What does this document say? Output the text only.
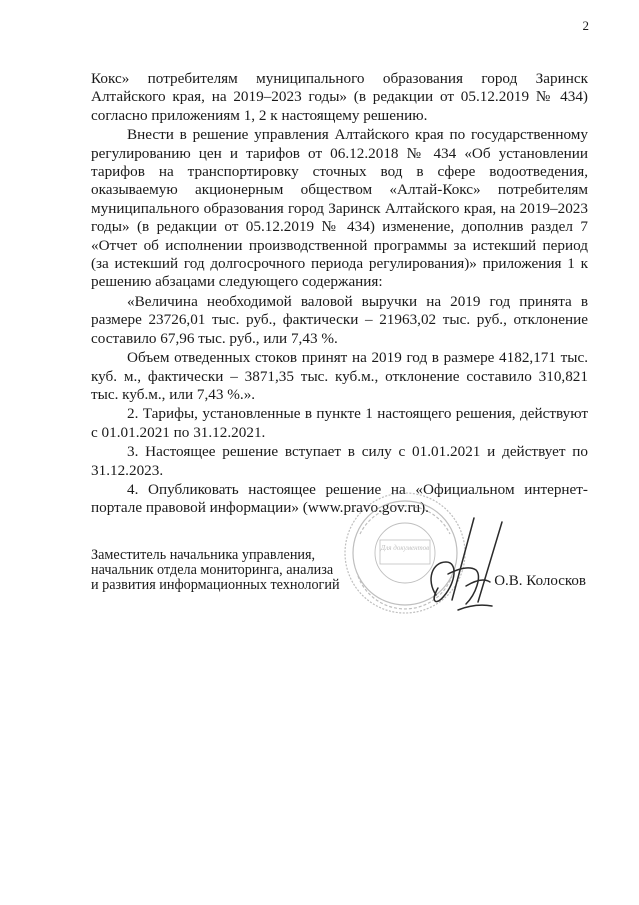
2

Кокс» потребителям муниципального образования город Заринск Алтайского края, на 2019–2023 годы» (в редакции от 05.12.2019 № 434) согласно приложениям 1, 2 к настоящему решению.

Внести в решение управления Алтайского края по государственному регулированию цен и тарифов от 06.12.2018 № 434 «Об установлении тарифов на транспортировку сточных вод в сфере водоотведения, оказываемую акционерным обществом «Алтай-Кокс» потребителям муниципального образования город Заринск Алтайского края, на 2019–2023 годы» (в редакции от 05.12.2019 № 434) изменение, дополнив раздел 7 «Отчет об исполнении производственной программы за истекший период (за истекший год долгосрочного периода регулирования)» приложения 1 к решению абзацами следующего содержания:

«Величина необходимой валовой выручки на 2019 год принята в размере 23726,01 тыс. руб., фактически – 21963,02 тыс. руб., отклонение составило 67,96 тыс. руб., или 7,43 %.

Объем отведенных стоков принят на 2019 год в размере 4182,171 тыс. куб. м., фактически – 3871,35 тыс. куб.м., отклонение составило 310,821 тыс. куб.м., или 7,43 %.».

2. Тарифы, установленные в пункте 1 настоящего решения, действуют с 01.01.2021 по 31.12.2021.

3. Настоящее решение вступает в силу с 01.01.2021 и действует по 31.12.2023.

4. Опубликовать настоящее решение на «Официальном интернет-портале правовой информации» (www.pravo.gov.ru).

Для документов
Заместитель начальника управления,
начальник отдела мониторинга, анализа
и развития информационных технологий	О.В. Колосков
